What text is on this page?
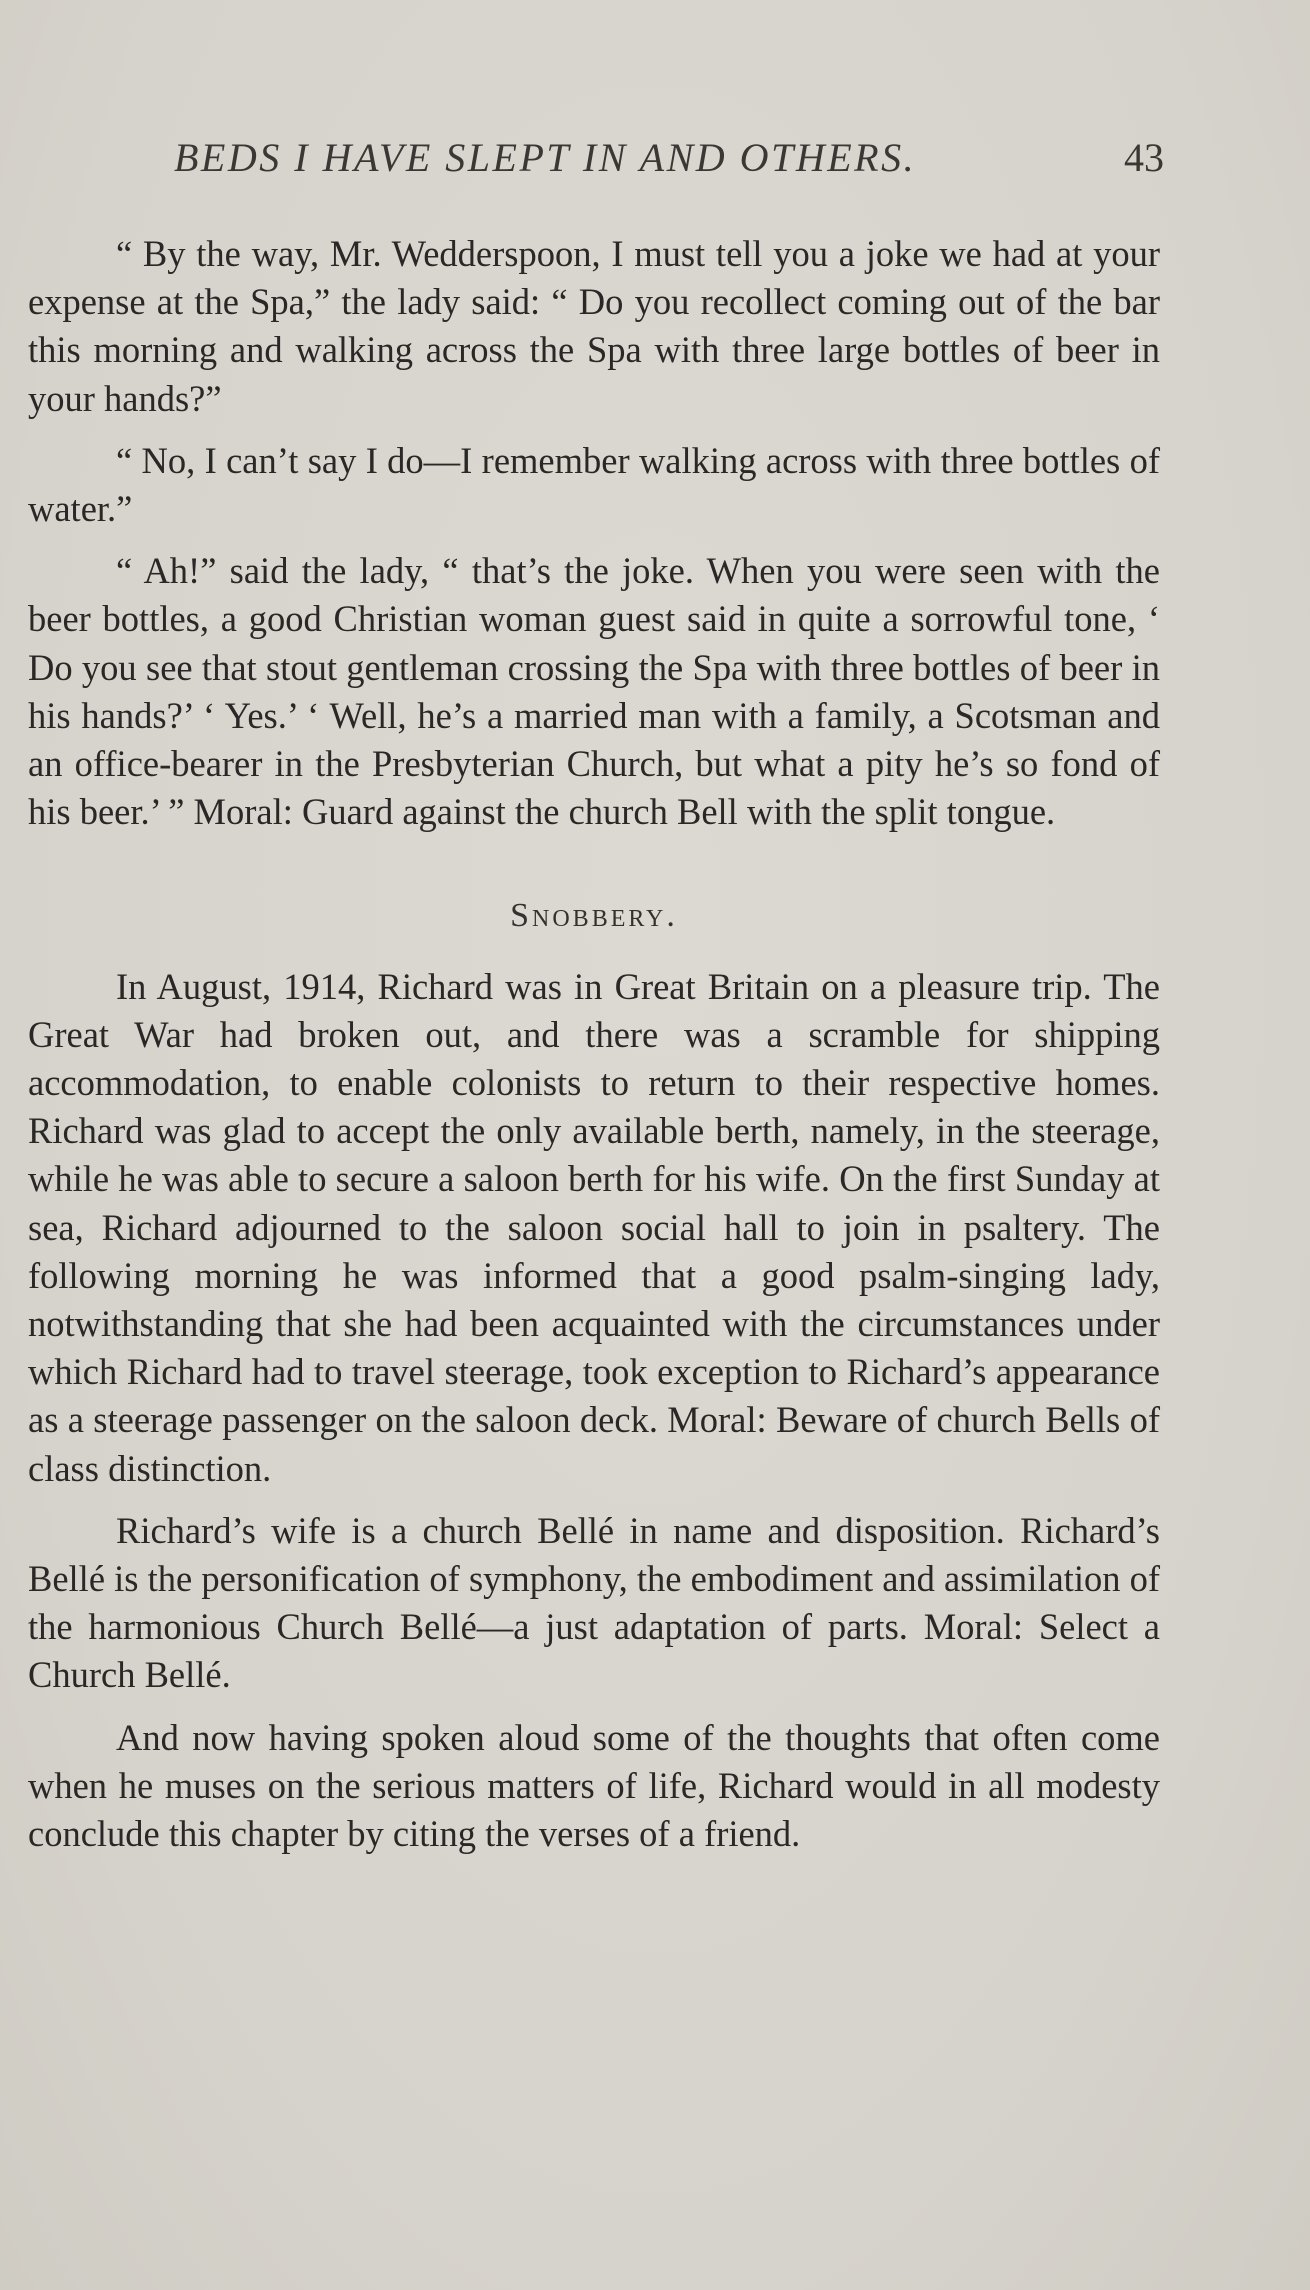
BEDS I HAVE SLEPT IN AND OTHERS.	43

“ By the way, Mr. Wedderspoon, I must tell you a joke we had at your expense at the Spa,” the lady said: “ Do you recollect coming out of the bar this morning and walking across the Spa with three large bottles of beer in your hands?”

“ No, I can’t say I do—I remember walking across with three bottles of water.”

“ Ah!” said the lady, “ that’s the joke. When you were seen with the beer bottles, a good Christian woman guest said in quite a sorrowful tone, ‘ Do you see that stout gentleman crossing the Spa with three bottles of beer in his hands?’ ‘ Yes.’ ‘ Well, he’s a married man with a family, a Scotsman and an office-bearer in the Presbyterian Church, but what a pity he’s so fond of his beer.’ ” Moral: Guard against the church Bell with the split tongue.

Snobbery.

In August, 1914, Richard was in Great Britain on a pleasure trip. The Great War had broken out, and there was a scramble for shipping accommodation, to enable colonists to return to their respective homes. Richard was glad to accept the only available berth, namely, in the steerage, while he was able to secure a saloon berth for his wife. On the first Sunday at sea, Richard adjourned to the saloon social hall to join in psaltery. The following morning he was informed that a good psalm-singing lady, notwithstanding that she had been acquainted with the circumstances under which Richard had to travel steerage, took exception to Richard’s appearance as a steerage passenger on the saloon deck. Moral: Beware of church Bells of class distinction.

Richard’s wife is a church Bellé in name and disposition. Richard’s Bellé is the personification of symphony, the embodiment and assimilation of the harmonious Church Bellé—a just adaptation of parts. Moral: Select a Church Bellé.

And now having spoken aloud some of the thoughts that often come when he muses on the serious matters of life, Richard would in all modesty conclude this chapter by citing the verses of a friend.
